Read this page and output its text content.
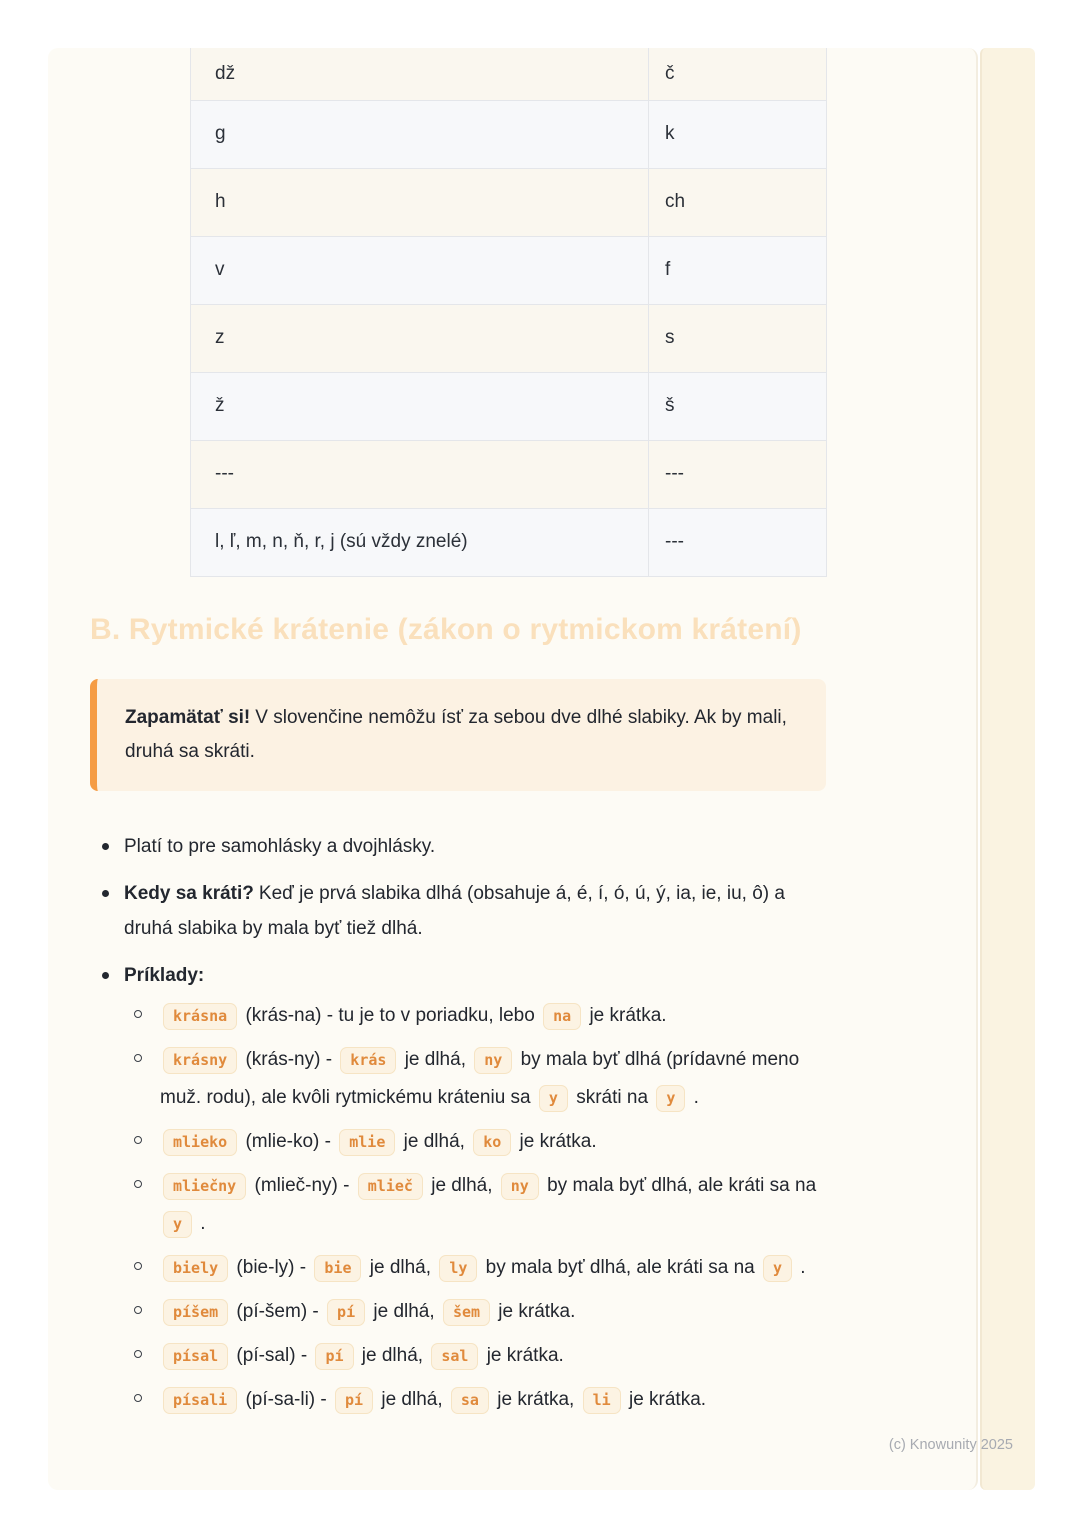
dž	č
g	k
h	ch
v	f
z	s
ž	š
---	---
l, ľ, m, n, ň, r, j (sú vždy znelé)	---
B. Rytmické krátenie (zákon o rytmickom krátení)
Zapamätať si! V slovenčine nemôžu ísť za sebou dve dlhé slabiky. Ak by mali, druhá sa skráti.
Platí to pre samohlásky a dvojhlásky.
Kedy sa kráti? Keď je prvá slabika dlhá (obsahuje á, é, í, ó, ú, ý, ia, ie, iu, ô) a druhá slabika by mala byť tiež dlhá.
Príklady:
krásna (krás-na) - tu je to v poriadku, lebo na je krátka.
krásny (krás-ny) - krás je dlhá, ny by mala byť dlhá (prídavné meno muž. rodu), ale kvôli rytmickému kráteniu sa y skráti na y .
mlieko (mlie-ko) - mlie je dlhá, ko je krátka.
mliečny (mlieč-ny) - mlieč je dlhá, ny by mala byť dlhá, ale kráti sa na y .
biely (bie-ly) - bie je dlhá, ly by mala byť dlhá, ale kráti sa na y .
píšem (pí-šem) - pí je dlhá, šem je krátka.
písal (pí-sal) - pí je dlhá, sal je krátka.
písali (pí-sa-li) - pí je dlhá, sa je krátka, li je krátka.
(c) Knowunity 2025
